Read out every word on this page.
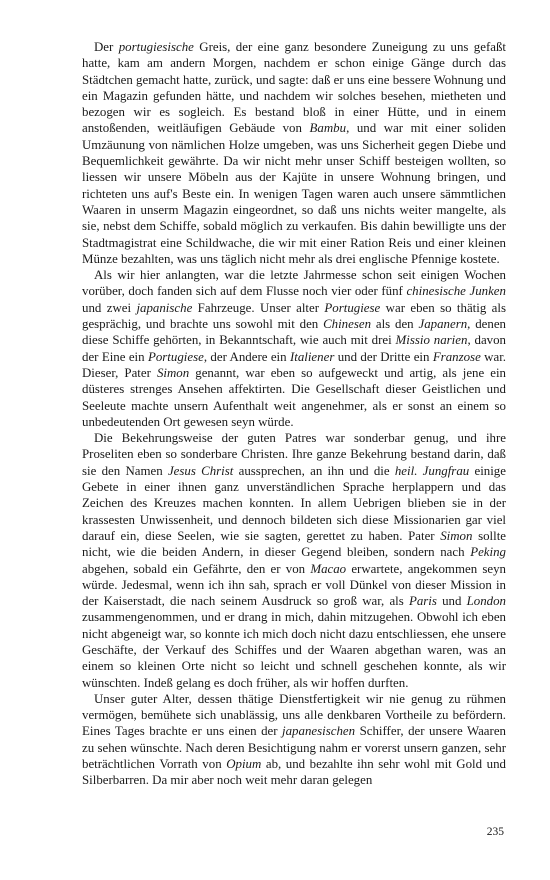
Der portugiesische Greis, der eine ganz besondere Zuneigung zu uns gefaßt hatte, kam am andern Morgen, nachdem er schon einige Gänge durch das Städtchen gemacht hatte, zurück, und sagte: daß er uns eine bessere Wohnung und ein Magazin gefunden hätte, und nachdem wir solches besehen, mietheten und bezogen wir es sogleich. Es bestand bloß in einer Hütte, und in einem anstoßenden, weitläufigen Gebäude von Bambu, und war mit einer soliden Umzäunung von nämlichen Holze umgeben, was uns Sicherheit gegen Diebe und Bequemlichkeit gewährte. Da wir nicht mehr unser Schiff besteigen wollten, so liessen wir unsere Möbeln aus der Kajüte in unsere Wohnung bringen, und richteten uns auf's Beste ein. In wenigen Tagen waren auch unsere sämmtlichen Waaren in unserm Magazin eingeordnet, so daß uns nichts weiter mangelte, als sie, nebst dem Schiffe, sobald möglich zu verkaufen. Bis dahin bewilligte uns der Stadtmagistrat eine Schildwache, die wir mit einer Ration Reis und einer kleinen Münze bezahlten, was uns täglich nicht mehr als drei englische Pfennige kostete.

Als wir hier anlangten, war die letzte Jahrmesse schon seit einigen Wochen vorüber, doch fanden sich auf dem Flusse noch vier oder fünf chinesische Junken und zwei japanische Fahrzeuge. Unser alter Portugiese war eben so thätig als gesprächig, und brachte uns sowohl mit den Chinesen als den Japanern, denen diese Schiffe gehörten, in Bekanntschaft, wie auch mit drei Missio narien, davon der Eine ein Portugiese, der Andere ein Italiener und der Dritte ein Franzose war. Dieser, Pater Simon genannt, war eben so aufgeweckt und artig, als jene ein düsteres strenges Ansehen affektirten. Die Gesellschaft dieser Geistlichen und Seeleute machte unsern Aufenthalt weit angenehmer, als er sonst an einem so unbedeutenden Ort gewesen seyn würde.

Die Bekehrungsweise der guten Patres war sonderbar genug, und ihre Proseliten eben so sonderbare Christen. Ihre ganze Bekehrung bestand darin, daß sie den Namen Jesus Christ aussprechen, an ihn und die heil. Jungfrau einige Gebete in einer ihnen ganz unverständlichen Sprache herplappern und das Zeichen des Kreuzes machen konnten. In allem Uebrigen blieben sie in der krassesten Unwissenheit, und dennoch bildeten sich diese Missionarien gar viel darauf ein, diese Seelen, wie sie sagten, gerettet zu haben. Pater Simon sollte nicht, wie die beiden Andern, in dieser Gegend bleiben, sondern nach Peking abgehen, sobald ein Gefährte, den er von Macao erwartete, angekommen seyn würde. Jedesmal, wenn ich ihn sah, sprach er voll Dünkel von dieser Mission in der Kaiserstadt, die nach seinem Ausdruck so groß war, als Paris und London zusammengenommen, und er drang in mich, dahin mitzugehen. Obwohl ich eben nicht abgeneigt war, so konnte ich mich doch nicht dazu entschliessen, ehe unsere Geschäfte, der Verkauf des Schiffes und der Waaren abgethan waren, was an einem so kleinen Orte nicht so leicht und schnell geschehen konnte, als wir wünschten. Indeß gelang es doch früher, als wir hoffen durften.

Unser guter Alter, dessen thätige Dienstfertigkeit wir nie genug zu rühmen vermögen, bemühete sich unablässig, uns alle denkbaren Vortheile zu befördern. Eines Tages brachte er uns einen der japanesischen Schiffer, der unsere Waaren zu sehen wünschte. Nach deren Besichtigung nahm er vorerst unsern ganzen, sehr beträchtlichen Vorrath von Opium ab, und bezahlte ihn sehr wohl mit Gold und Silberbarren. Da mir aber noch weit mehr daran gelegen

235
